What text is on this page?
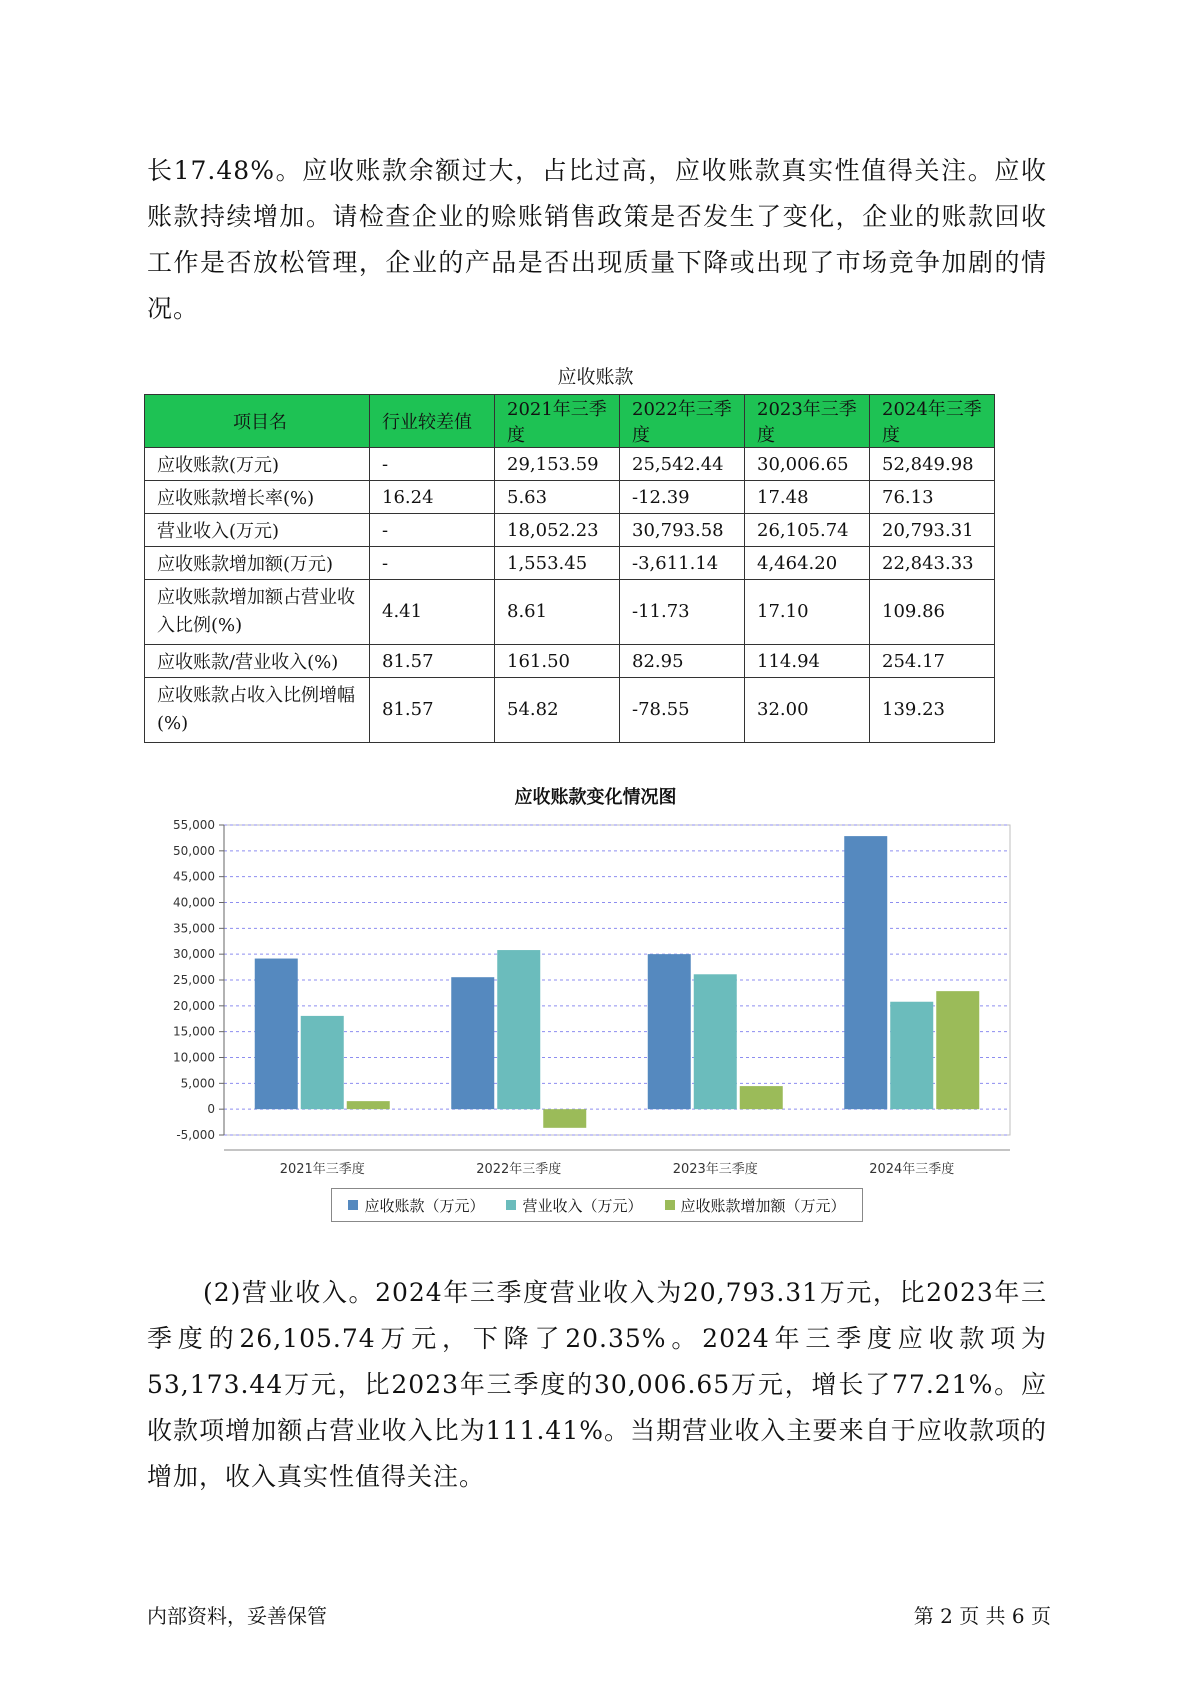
长17.48%。应收账款余额过大，占比过高，应收账款真实性值得关注。应收账款持续增加。请检查企业的赊账销售政策是否发生了变化，企业的账款回收工作是否放松管理，企业的产品是否出现质量下降或出现了市场竞争加剧的情况。
应收账款
项目名	行业较差值	2021年三季度	2022年三季度	2023年三季度	2024年三季度
应收账款(万元)	-	29,153.59	25,542.44	30,006.65	52,849.98
应收账款增长率(%)	16.24	5.63	-12.39	17.48	76.13
营业收入(万元)	-	18,052.23	30,793.58	26,105.74	20,793.31
应收账款增加额(万元)	-	1,553.45	-3,611.14	4,464.20	22,843.33
应收账款增加额占营业收入比例(%)	4.41	8.61	-11.73	17.10	109.86
应收账款/营业收入(%)	81.57	161.50	82.95	114.94	254.17
应收账款占收入比例增幅(%)	81.57	54.82	-78.55	32.00	139.23
应收账款变化情况图
-5,000
0
5,000
10,000
15,000
20,000
25,000
30,000
35,000
40,000
45,000
50,000
55,000
2021年三季度	2022年三季度	2023年三季度	2024年三季度
应收账款（万元）	营业收入（万元）	应收账款增加额（万元）
(2)营业收入。2024年三季度营业收入为20,793.31万元，比2023年三季度的26,105.74万元，下降了20.35%。2024年三季度应收款项为53,173.44万元，比2023年三季度的30,006.65万元，增长了77.21%。应收款项增加额占营业收入比为111.41%。当期营业收入主要来自于应收款项的增加，收入真实性值得关注。
内部资料，妥善保管	第 2 页 共 6 页
